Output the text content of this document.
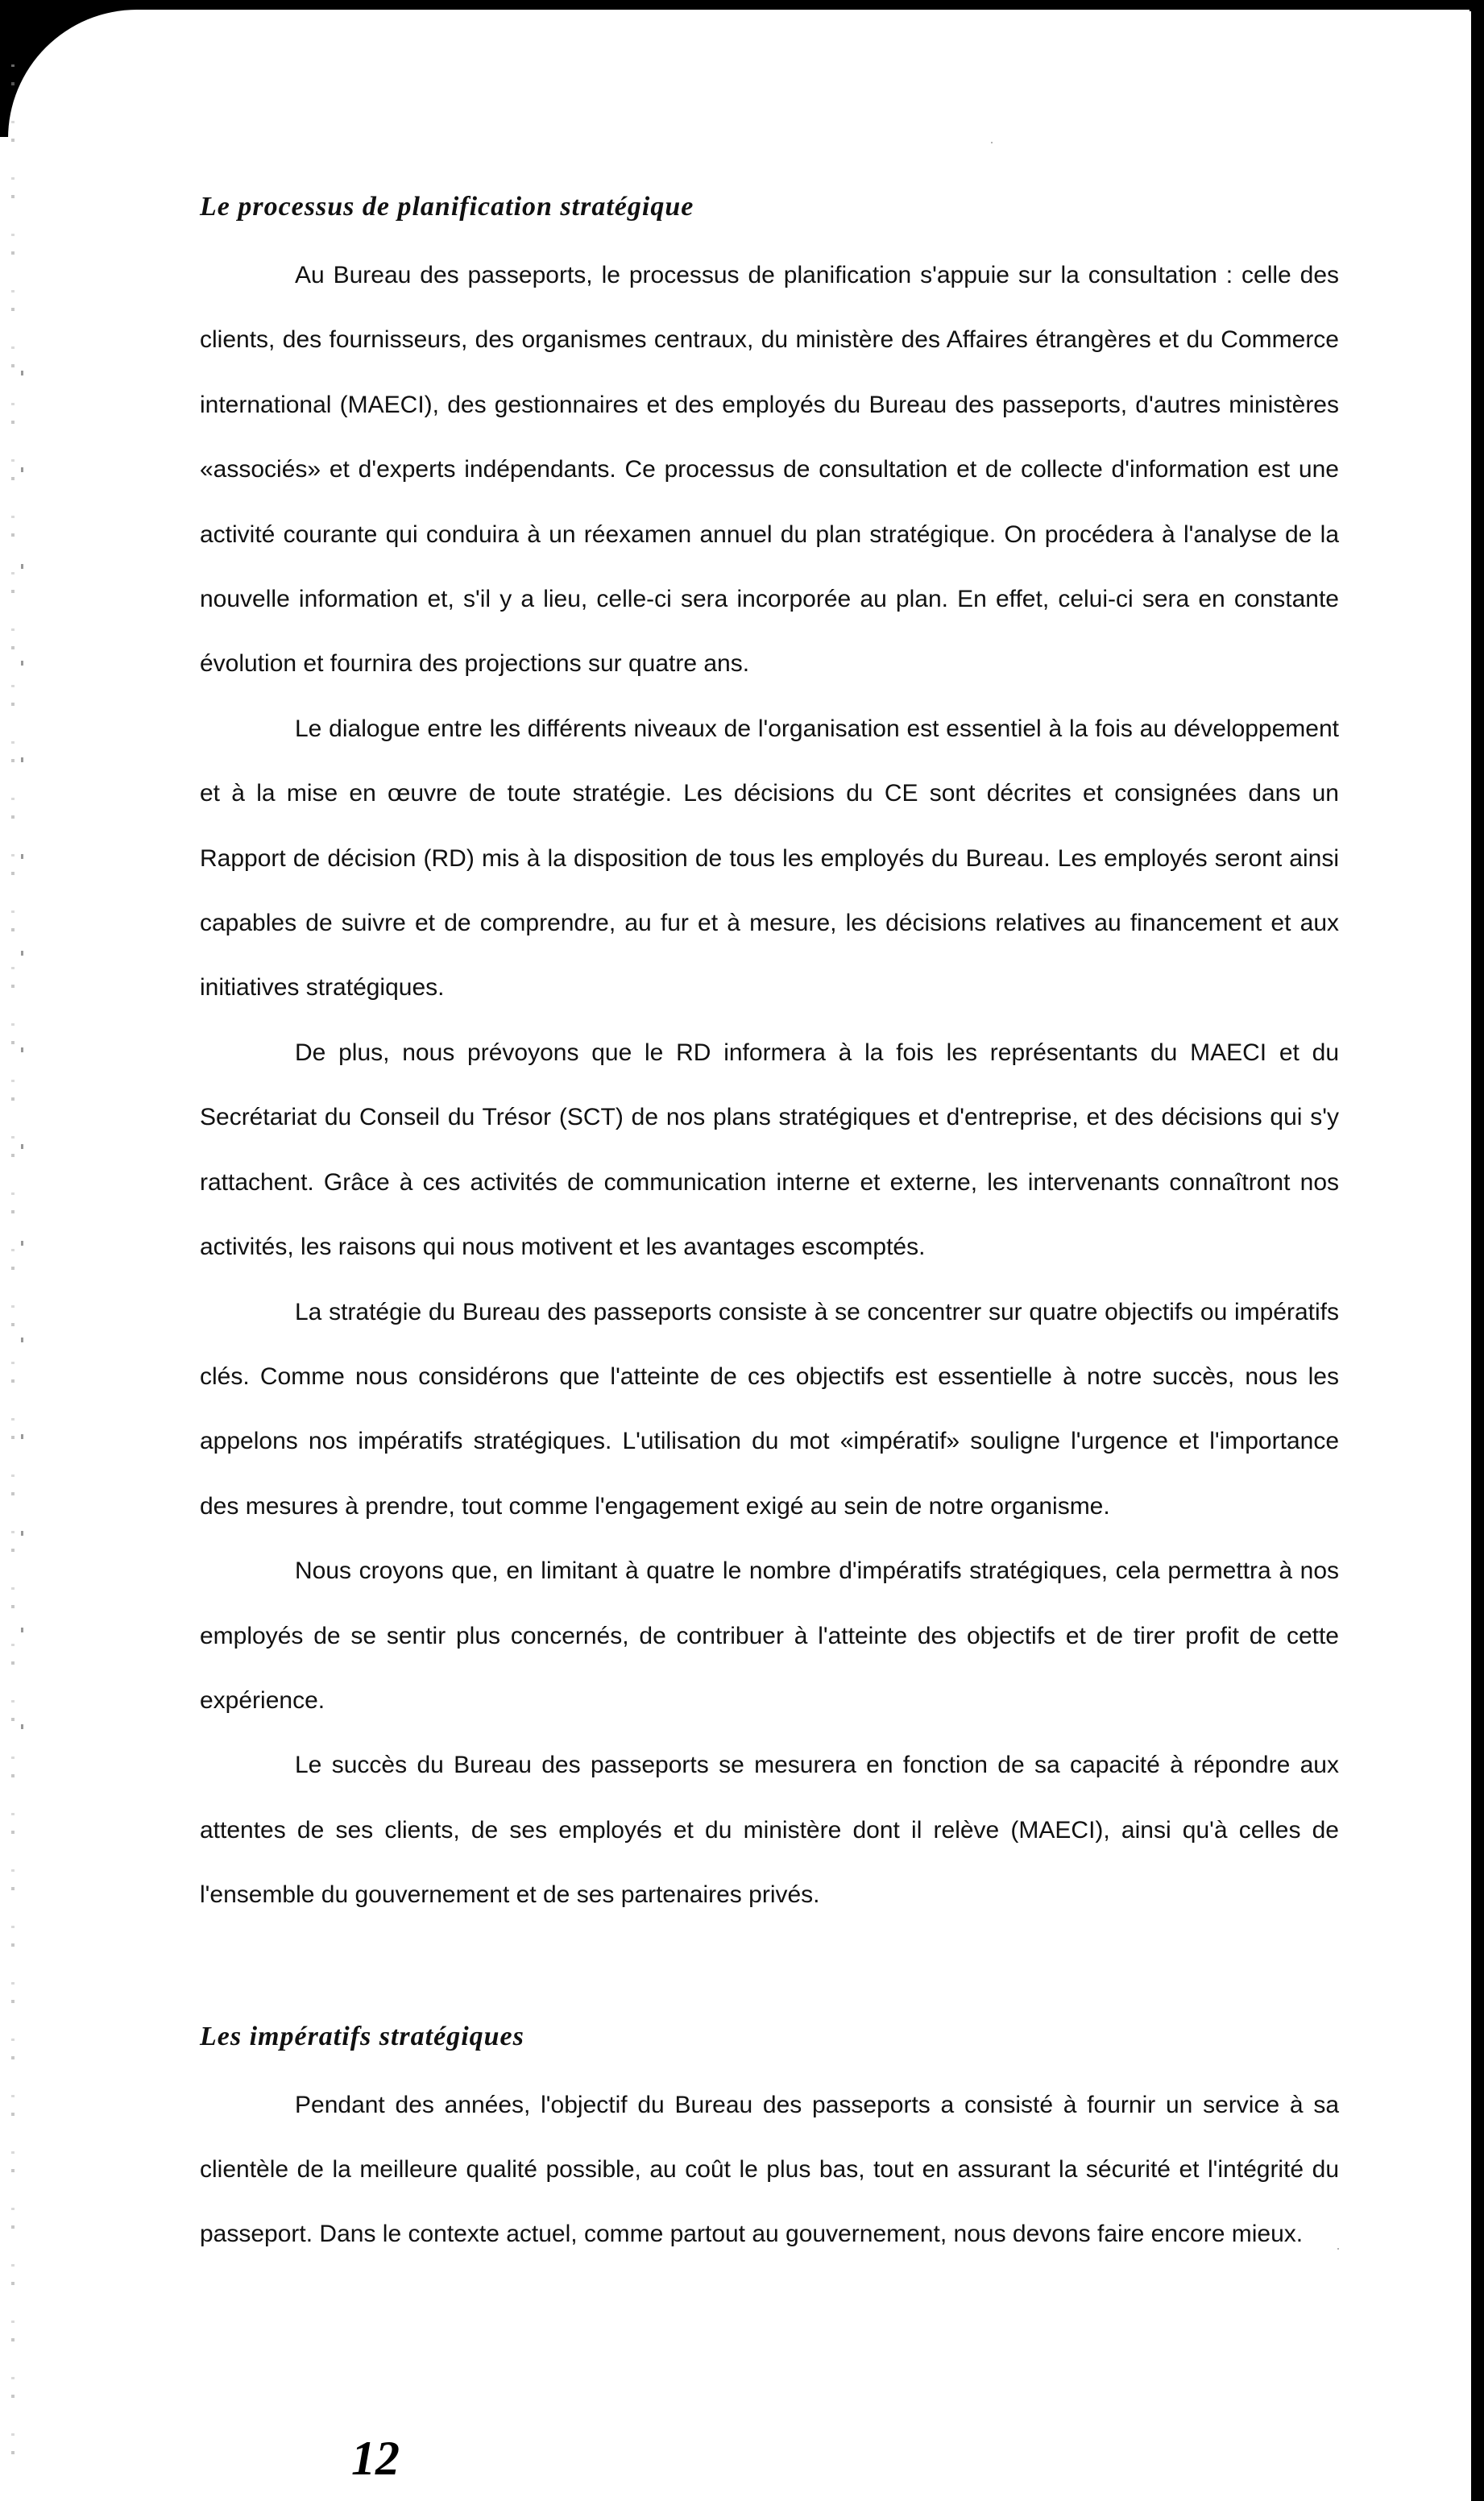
Le processus de planification stratégique

Au Bureau des passeports, le processus de planification s'appuie sur la consultation : celle des clients, des fournisseurs, des organismes centraux, du ministère des Affaires étrangères et du Commerce international (MAECI), des gestionnaires et des employés du Bureau des passeports, d'autres ministères «associés» et d'experts indépendants. Ce processus de consultation et de collecte d'information est une activité courante qui conduira à un réexamen annuel du plan stratégique. On procédera à l'analyse de la nouvelle information et, s'il y a lieu, celle-ci sera incorporée au plan. En effet, celui-ci sera en constante évolution et fournira des projections sur quatre ans.

Le dialogue entre les différents niveaux de l'organisation est essentiel à la fois au développement et à la mise en œuvre de toute stratégie. Les décisions du CE sont décrites et consignées dans un Rapport de décision (RD) mis à la disposition de tous les employés du Bureau. Les employés seront ainsi capables de suivre et de comprendre, au fur et à mesure, les décisions relatives au financement et aux initiatives stratégiques.

De plus, nous prévoyons que le RD informera à la fois les représentants du MAECI et du Secrétariat du Conseil du Trésor (SCT) de nos plans stratégiques et d'entreprise, et des décisions qui s'y rattachent. Grâce à ces activités de communication interne et externe, les intervenants connaîtront nos activités, les raisons qui nous motivent et les avantages escomptés.

La stratégie du Bureau des passeports consiste à se concentrer sur quatre objectifs ou impératifs clés. Comme nous considérons que l'atteinte de ces objectifs est essentielle à notre succès, nous les appelons nos impératifs stratégiques. L'utilisation du mot «impératif» souligne l'urgence et l'importance des mesures à prendre, tout comme l'engagement exigé au sein de notre organisme.

Nous croyons que, en limitant à quatre le nombre d'impératifs stratégiques, cela permettra à nos employés de se sentir plus concernés, de contribuer à l'atteinte des objectifs et de tirer profit de cette expérience.

Le succès du Bureau des passeports se mesurera en fonction de sa capacité à répondre aux attentes de ses clients, de ses employés et du ministère dont il relève (MAECI), ainsi qu'à celles de l'ensemble du gouvernement et de ses partenaires privés.

Les impératifs stratégiques

Pendant des années, l'objectif du Bureau des passeports a consisté à fournir un service à sa clientèle de la meilleure qualité possible, au coût le plus bas, tout en assurant la sécurité et l'intégrité du passeport. Dans le contexte actuel, comme partout au gouvernement, nous devons faire encore mieux.

12
